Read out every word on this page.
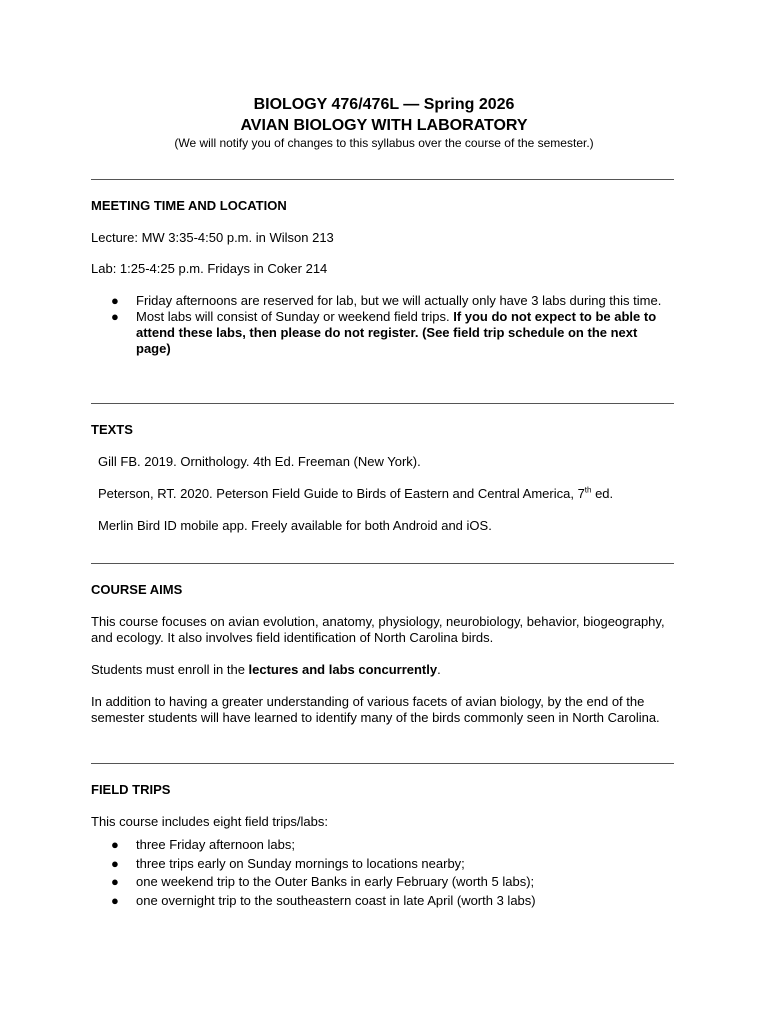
BIOLOGY 476/476L — Spring 2026
AVIAN BIOLOGY WITH LABORATORY
(We will notify you of changes to this syllabus over the course of the semester.)
MEETING TIME AND LOCATION
Lecture: MW 3:35-4:50 p.m. in Wilson 213
Lab: 1:25-4:25 p.m. Fridays in Coker 214
● Friday afternoons are reserved for lab, but we will actually only have 3 labs during this time.
● Most labs will consist of Sunday or weekend field trips. If you do not expect to be able to attend these labs, then please do not register. (See field trip schedule on the next page)
TEXTS
Gill FB. 2019. Ornithology. 4th Ed. Freeman (New York).
Peterson, RT. 2020. Peterson Field Guide to Birds of Eastern and Central America, 7th ed.
Merlin Bird ID mobile app. Freely available for both Android and iOS.
COURSE AIMS
This course focuses on avian evolution, anatomy, physiology, neurobiology, behavior, biogeography, and ecology. It also involves field identification of North Carolina birds.
Students must enroll in the lectures and labs concurrently.
In addition to having a greater understanding of various facets of avian biology, by the end of the semester students will have learned to identify many of the birds commonly seen in North Carolina.
FIELD TRIPS
This course includes eight field trips/labs:
● three Friday afternoon labs;
● three trips early on Sunday mornings to locations nearby;
● one weekend trip to the Outer Banks in early February (worth 5 labs);
● one overnight trip to the southeastern coast in late April (worth 3 labs)
